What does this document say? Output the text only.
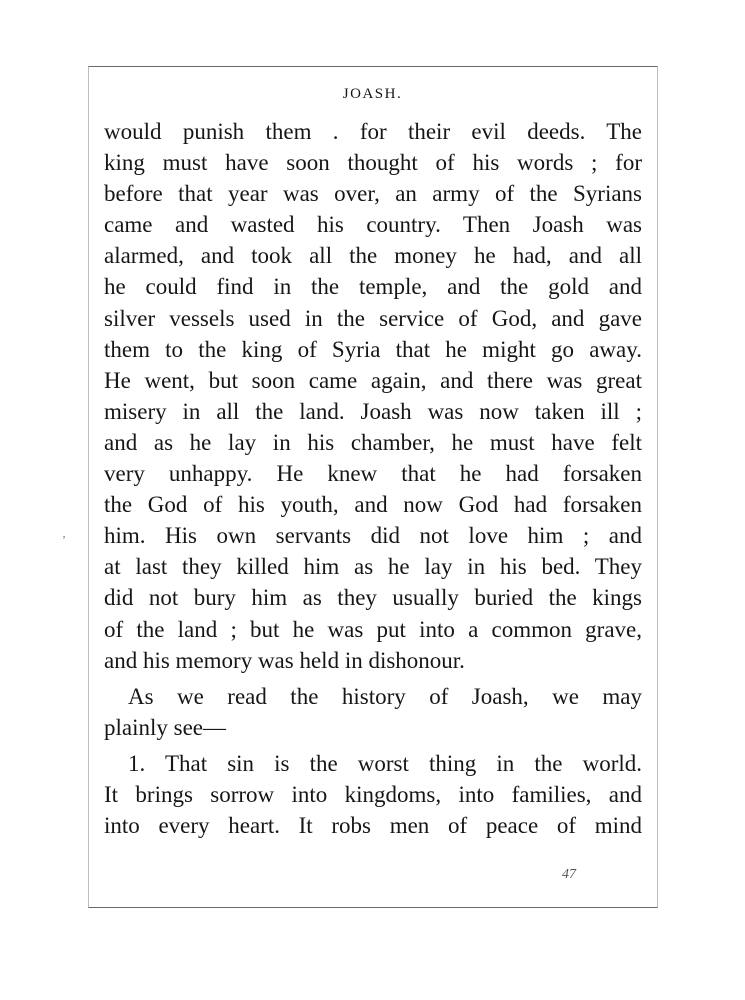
JOASH.
would punish them . for their evil deeds. The
king must have soon thought of his words ; for
before that year was over, an army of the Syrians
came and wasted his country. Then Joash was
alarmed, and took all the money he had, and all
he could find in the temple, and the gold and
silver vessels used in the service of God, and gave
them to the king of Syria that he might go away.
He went, but soon came again, and there was great
misery in all the land. Joash was now taken ill ;
and as he lay in his chamber, he must have felt
very unhappy. He knew that he had forsaken
the God of his youth, and now God had forsaken
him. His own servants did not love him ; and
at last they killed him as he lay in his bed. They
did not bury him as they usually buried the kings
of the land ; but he was put into a common grave,
and his memory was held in dishonour.
As we read the history of Joash, we may
plainly see—
1. That sin is the worst thing in the world.
It brings sorrow into kingdoms, into families, and
into every heart. It robs men of peace of mind
47
‚
